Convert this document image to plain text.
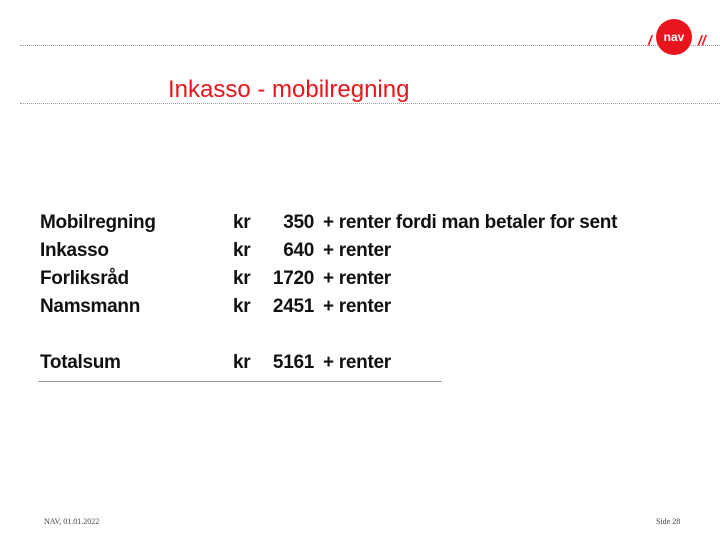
/ nav //
Inkasso - mobilregning
Mobilregning	kr	350 + renter fordi man betaler for sent
Inkasso	kr	640 + renter
Forliksråd	kr	1720 + renter
Namsmann	kr	2451 + renter
Totalsum	kr	5161 + renter
NAV, 01.01.2022	Side 28
